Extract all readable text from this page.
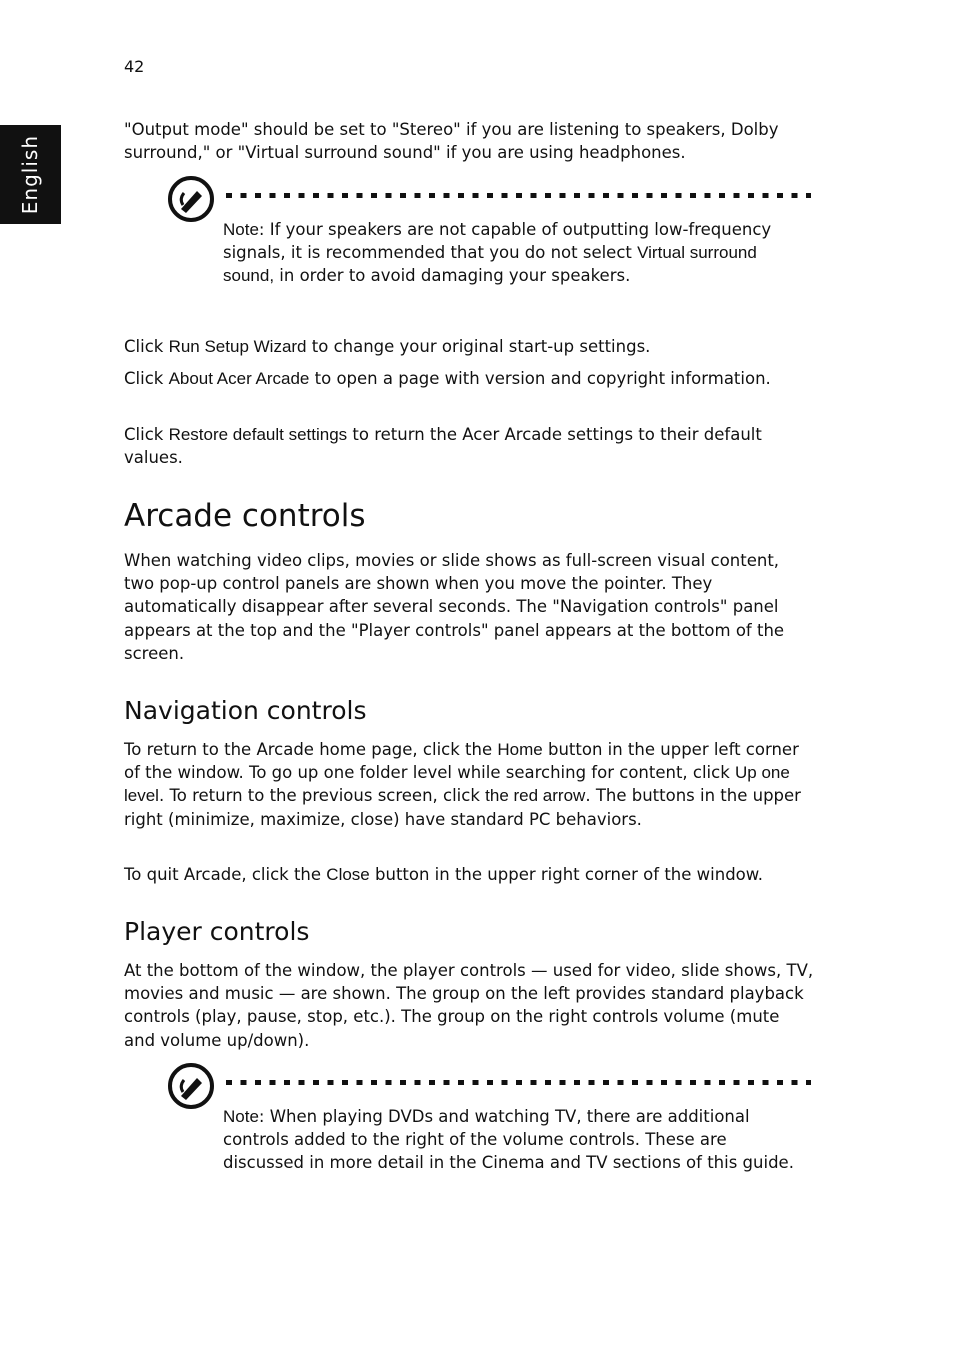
42
English

"Output mode" should be set to "Stereo" if you are listening to speakers, Dolby surround," or "Virtual surround sound" if you are using headphones.

Note: If your speakers are not capable of outputting low-frequency signals, it is recommended that you do not select Virtual surround sound, in order to avoid damaging your speakers.

Click Run Setup Wizard to change your original start-up settings.

Click About Acer Arcade to open a page with version and copyright information.

Click Restore default settings to return the Acer Arcade settings to their default values.

Arcade controls

When watching video clips, movies or slide shows as full-screen visual content, two pop-up control panels are shown when you move the pointer. They automatically disappear after several seconds. The "Navigation controls" panel appears at the top and the "Player controls" panel appears at the bottom of the screen.

Navigation controls

To return to the Arcade home page, click the Home button in the upper left corner of the window. To go up one folder level while searching for content, click Up one level. To return to the previous screen, click the red arrow. The buttons in the upper right (minimize, maximize, close) have standard PC behaviors.

To quit Arcade, click the Close button in the upper right corner of the window.

Player controls

At the bottom of the window, the player controls — used for video, slide shows, TV, movies and music — are shown. The group on the left provides standard playback controls (play, pause, stop, etc.). The group on the right controls volume (mute and volume up/down).

Note: When playing DVDs and watching TV, there are additional controls added to the right of the volume controls. These are discussed in more detail in the Cinema and TV sections of this guide.
